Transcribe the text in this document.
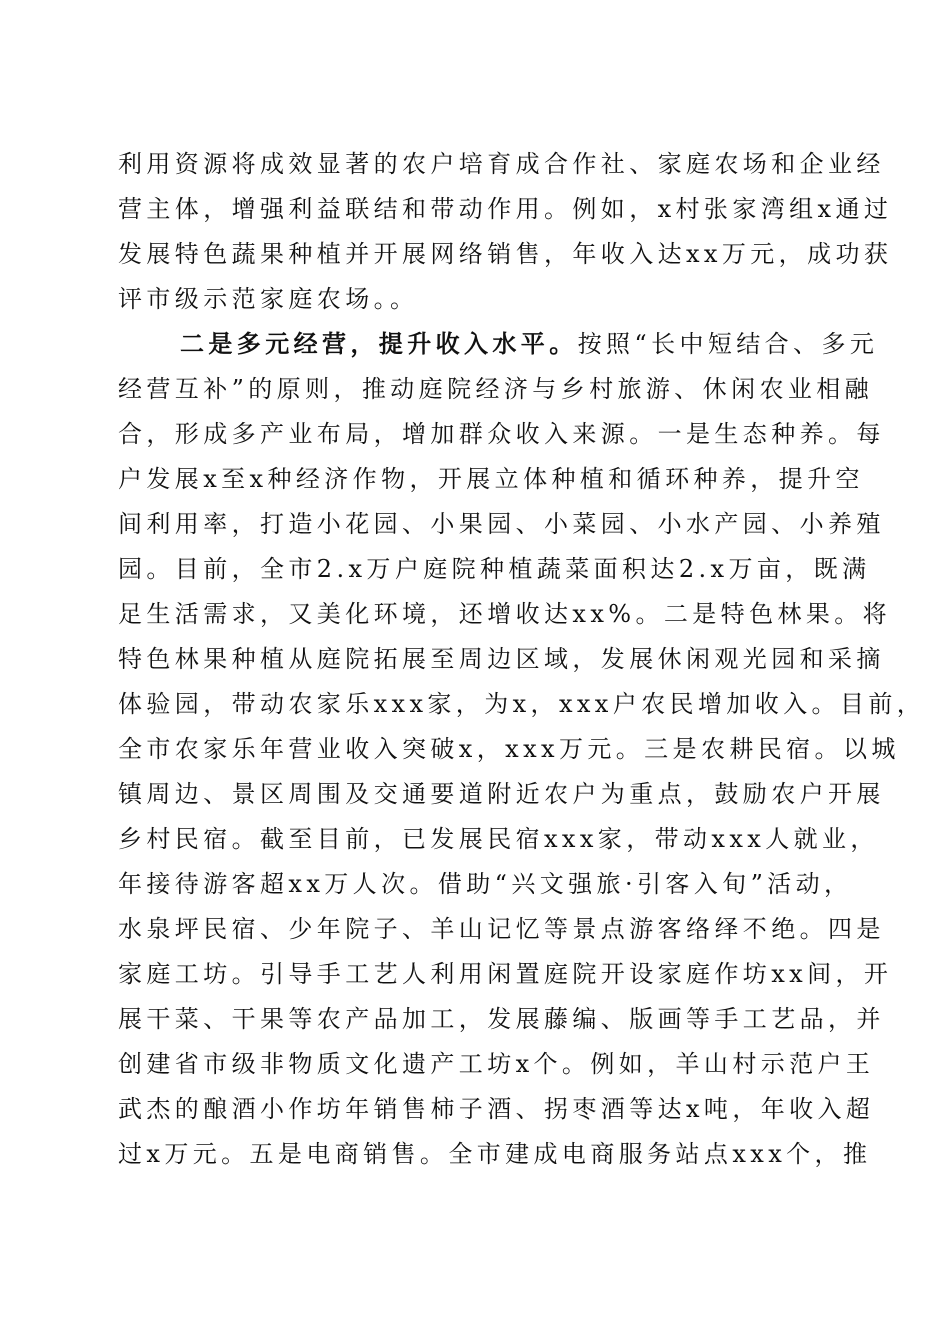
利用资源将成效显著的农户培育成合作社、家庭农场和企业经
营主体，增强利益联结和带动作用。例如，x村张家湾组x通过
发展特色蔬果种植并开展网络销售，年收入达xx万元，成功获
评市级示范家庭农场。。
二是多元经营，提升收入水平。按照“长中短结合、多元
经营互补”的原则，推动庭院经济与乡村旅游、休闲农业相融
合，形成多产业布局，增加群众收入来源。一是生态种养。每
户发展x至x种经济作物，开展立体种植和循环种养，提升空
间利用率，打造小花园、小果园、小菜园、小水产园、小养殖
园。目前，全市2.x万户庭院种植蔬菜面积达2.x万亩，既满
足生活需求，又美化环境，还增收达xx%。二是特色林果。将
特色林果种植从庭院拓展至周边区域，发展休闲观光园和采摘
体验园，带动农家乐xxx家，为x，xxx户农民增加收入。目前，
全市农家乐年营业收入突破x，xxx万元。三是农耕民宿。以城
镇周边、景区周围及交通要道附近农户为重点，鼓励农户开展
乡村民宿。截至目前，已发展民宿xxx家，带动xxx人就业，
年接待游客超xx万人次。借助“兴文强旅·引客入旬”活动，
水泉坪民宿、少年院子、羊山记忆等景点游客络绎不绝。四是
家庭工坊。引导手工艺人利用闲置庭院开设家庭作坊xx间，开
展干菜、干果等农产品加工，发展藤编、版画等手工艺品，并
创建省市级非物质文化遗产工坊x个。例如，羊山村示范户王
武杰的酿酒小作坊年销售柿子酒、拐枣酒等达x吨，年收入超
过x万元。五是电商销售。全市建成电商服务站点xxx个，推
